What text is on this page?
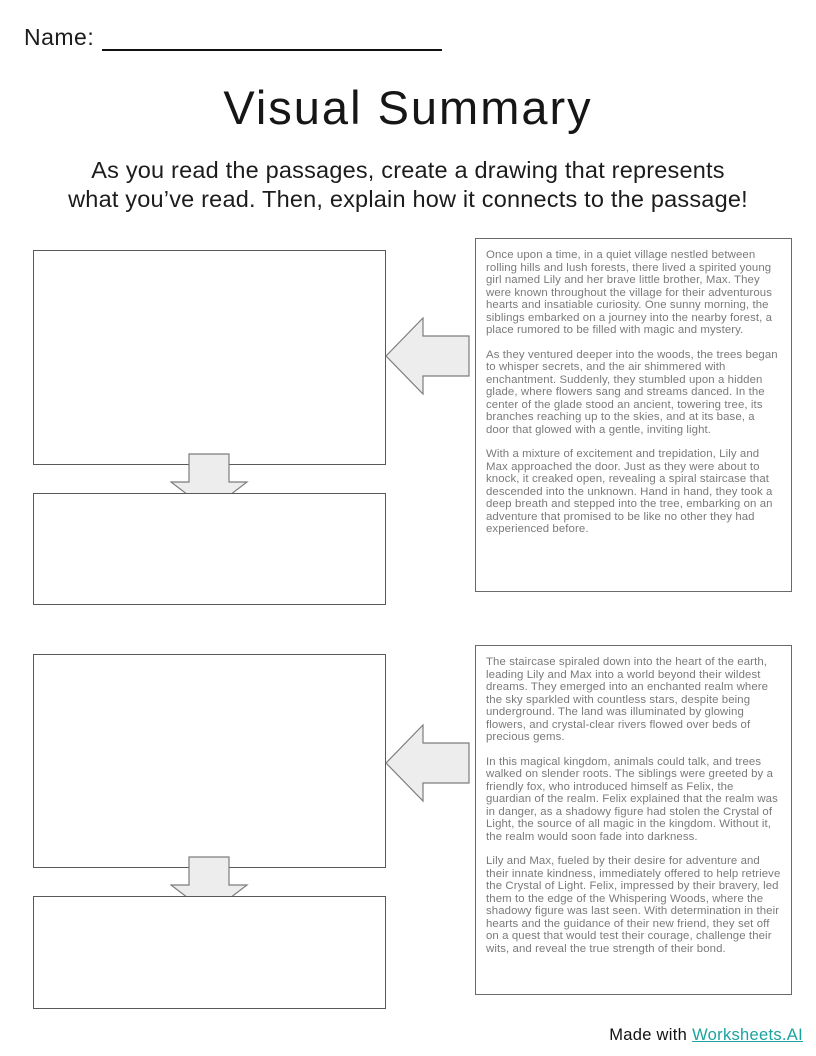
Name:
Visual Summary
As you read the passages, create a drawing that represents
what you’ve read. Then, explain how it connects to the passage!

Once upon a time, in a quiet village nestled between rolling hills and lush forests, there lived a spirited young girl named Lily and her brave little brother, Max. They were known throughout the village for their adventurous hearts and insatiable curiosity. One sunny morning, the siblings embarked on a journey into the nearby forest, a place rumored to be filled with magic and mystery.

As they ventured deeper into the woods, the trees began to whisper secrets, and the air shimmered with enchantment. Suddenly, they stumbled upon a hidden glade, where flowers sang and streams danced. In the center of the glade stood an ancient, towering tree, its branches reaching up to the skies, and at its base, a door that glowed with a gentle, inviting light.

With a mixture of excitement and trepidation, Lily and Max approached the door. Just as they were about to knock, it creaked open, revealing a spiral staircase that descended into the unknown. Hand in hand, they took a deep breath and stepped into the tree, embarking on an adventure that promised to be like no other they had experienced before.

The staircase spiraled down into the heart of the earth, leading Lily and Max into a world beyond their wildest dreams. They emerged into an enchanted realm where the sky sparkled with countless stars, despite being underground. The land was illuminated by glowing flowers, and crystal-clear rivers flowed over beds of precious gems.

In this magical kingdom, animals could talk, and trees walked on slender roots. The siblings were greeted by a friendly fox, who introduced himself as Felix, the guardian of the realm. Felix explained that the realm was in danger, as a shadowy figure had stolen the Crystal of Light, the source of all magic in the kingdom. Without it, the realm would soon fade into darkness.

Lily and Max, fueled by their desire for adventure and their innate kindness, immediately offered to help retrieve the Crystal of Light. Felix, impressed by their bravery, led them to the edge of the Whispering Woods, where the shadowy figure was last seen. With determination in their hearts and the guidance of their new friend, they set off on a quest that would test their courage, challenge their wits, and reveal the true strength of their bond.

Made with Worksheets.AI
